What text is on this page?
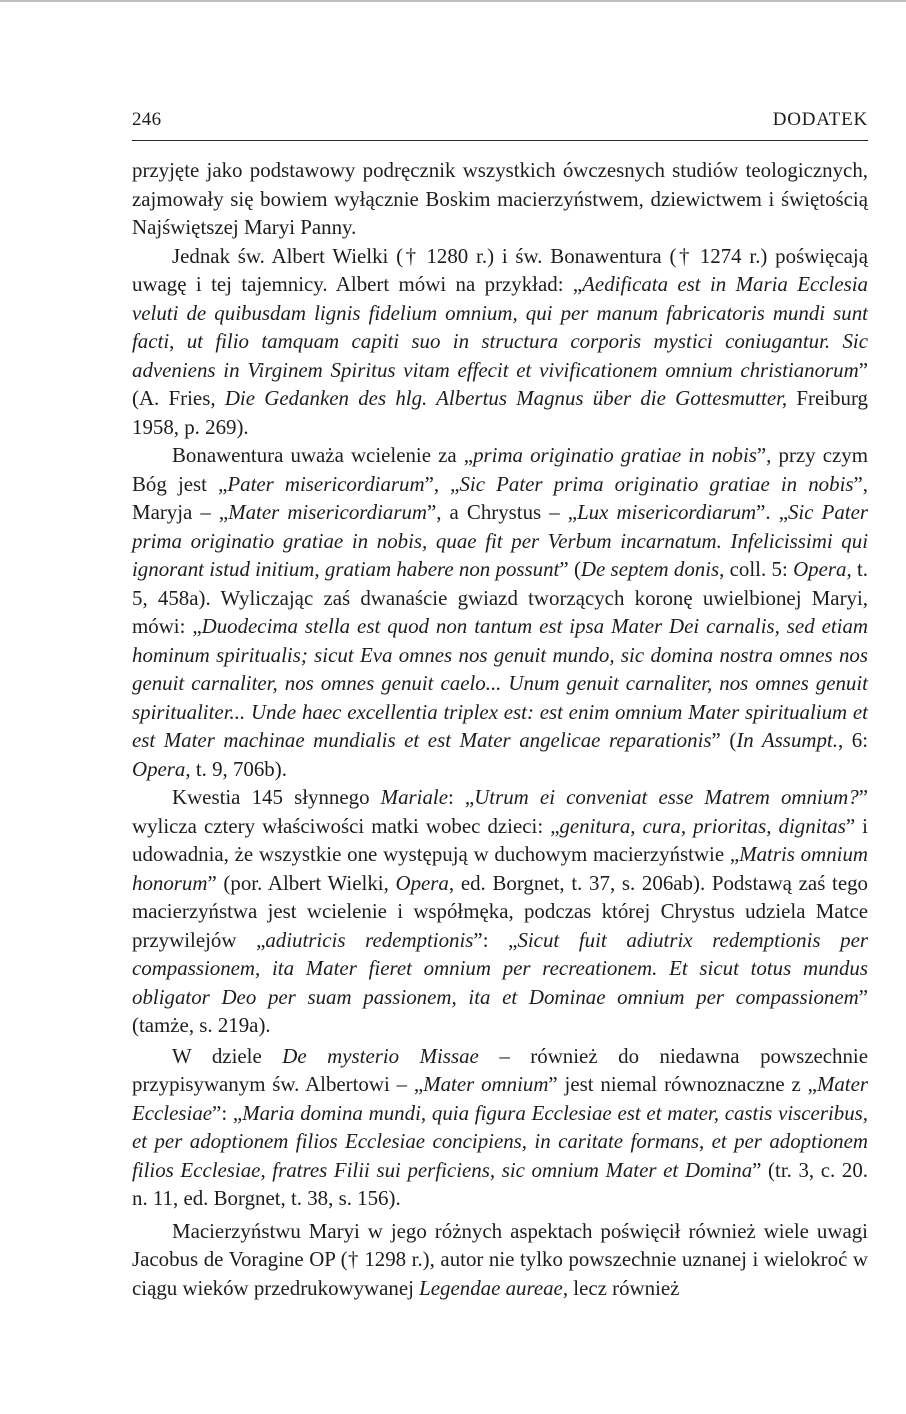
246	DODATEK

przyjęte jako podstawowy podręcznik wszystkich ówczesnych studiów teologicznych, zajmowały się bowiem wyłącznie Boskim macierzyństwem, dziewictwem i świętością Najświętszej Maryi Panny.

Jednak św. Albert Wielki († 1280 r.) i św. Bonawentura († 1274 r.) poświęcają uwagę i tej tajemnicy. Albert mówi na przykład: „Aedificata est in Maria Ecclesia veluti de quibusdam lignis fidelium omnium, qui per manum fabricatoris mundi sunt facti, ut filio tamquam capiti suo in structura corporis mystici coniugantur. Sic adveniens in Virginem Spiritus vitam effecit et vivificationem omnium christianorum” (A. Fries, Die Gedanken des hlg. Albertus Magnus über die Gottesmutter, Freiburg 1958, p. 269).

Bonawentura uważa wcielenie za „prima originatio gratiae in nobis”, przy czym Bóg jest „Pater misericordiarum”, „Sic Pater prima originatio gratiae in nobis”, Maryja – „Mater misericordiarum”, a Chrystus – „Lux misericordiarum”. „Sic Pater prima originatio gratiae in nobis, quae fit per Verbum incarnatum. Infelicissimi qui ignorant istud initium, gratiam habere non possunt” (De septem donis, coll. 5: Opera, t. 5, 458a). Wyliczając zaś dwanaście gwiazd tworzących koronę uwielbionej Maryi, mówi: „Duodecima stella est quod non tantum est ipsa Mater Dei carnalis, sed etiam hominum spiritualis; sicut Eva omnes nos genuit mundo, sic domina nostra omnes nos genuit carnaliter, nos omnes genuit caelo... Unum genuit carnaliter, nos omnes genuit spiritualiter... Unde haec excellentia triplex est: est enim omnium Mater spiritualium et est Mater machinae mundialis et est Mater angelicae reparationis” (In Assumpt., 6: Opera, t. 9, 706b).

Kwestia 145 słynnego Mariale: „Utrum ei conveniat esse Matrem omnium?” wylicza cztery właściwości matki wobec dzieci: „genitura, cura, prioritas, dignitas” i udowadnia, że wszystkie one występują w duchowym macierzyństwie „Matris omnium honorum” (por. Albert Wielki, Opera, ed. Borgnet, t. 37, s. 206ab). Podstawą zaś tego macierzyństwa jest wcielenie i współmęka, podczas której Chrystus udziela Matce przywilejów „adiutricis redemptionis”: „Sicut fuit adiutrix redemptionis per compassionem, ita Mater fieret omnium per recreationem. Et sicut totus mundus obligator Deo per suam passionem, ita et Dominae omnium per compassionem” (tamże, s. 219a).

W dziele De mysterio Missae – również do niedawna powszechnie przypisywanym św. Albertowi – „Mater omnium” jest niemal równoznaczne z „Mater Ecclesiae”: „Maria domina mundi, quia figura Ecclesiae est et mater, castis visceribus, et per adoptionem filios Ecclesiae concipiens, in caritate formans, et per adoptionem filios Ecclesiae, fratres Filii sui perficiens, sic omnium Mater et Domina” (tr. 3, c. 20. n. 11, ed. Borgnet, t. 38, s. 156).

Macierzyństwu Maryi w jego różnych aspektach poświęcił również wiele uwagi Jacobus de Voragine OP († 1298 r.), autor nie tylko powszechnie uznanej i wielokroć w ciągu wieków przedrukowywanej Legendae aureae, lecz również
